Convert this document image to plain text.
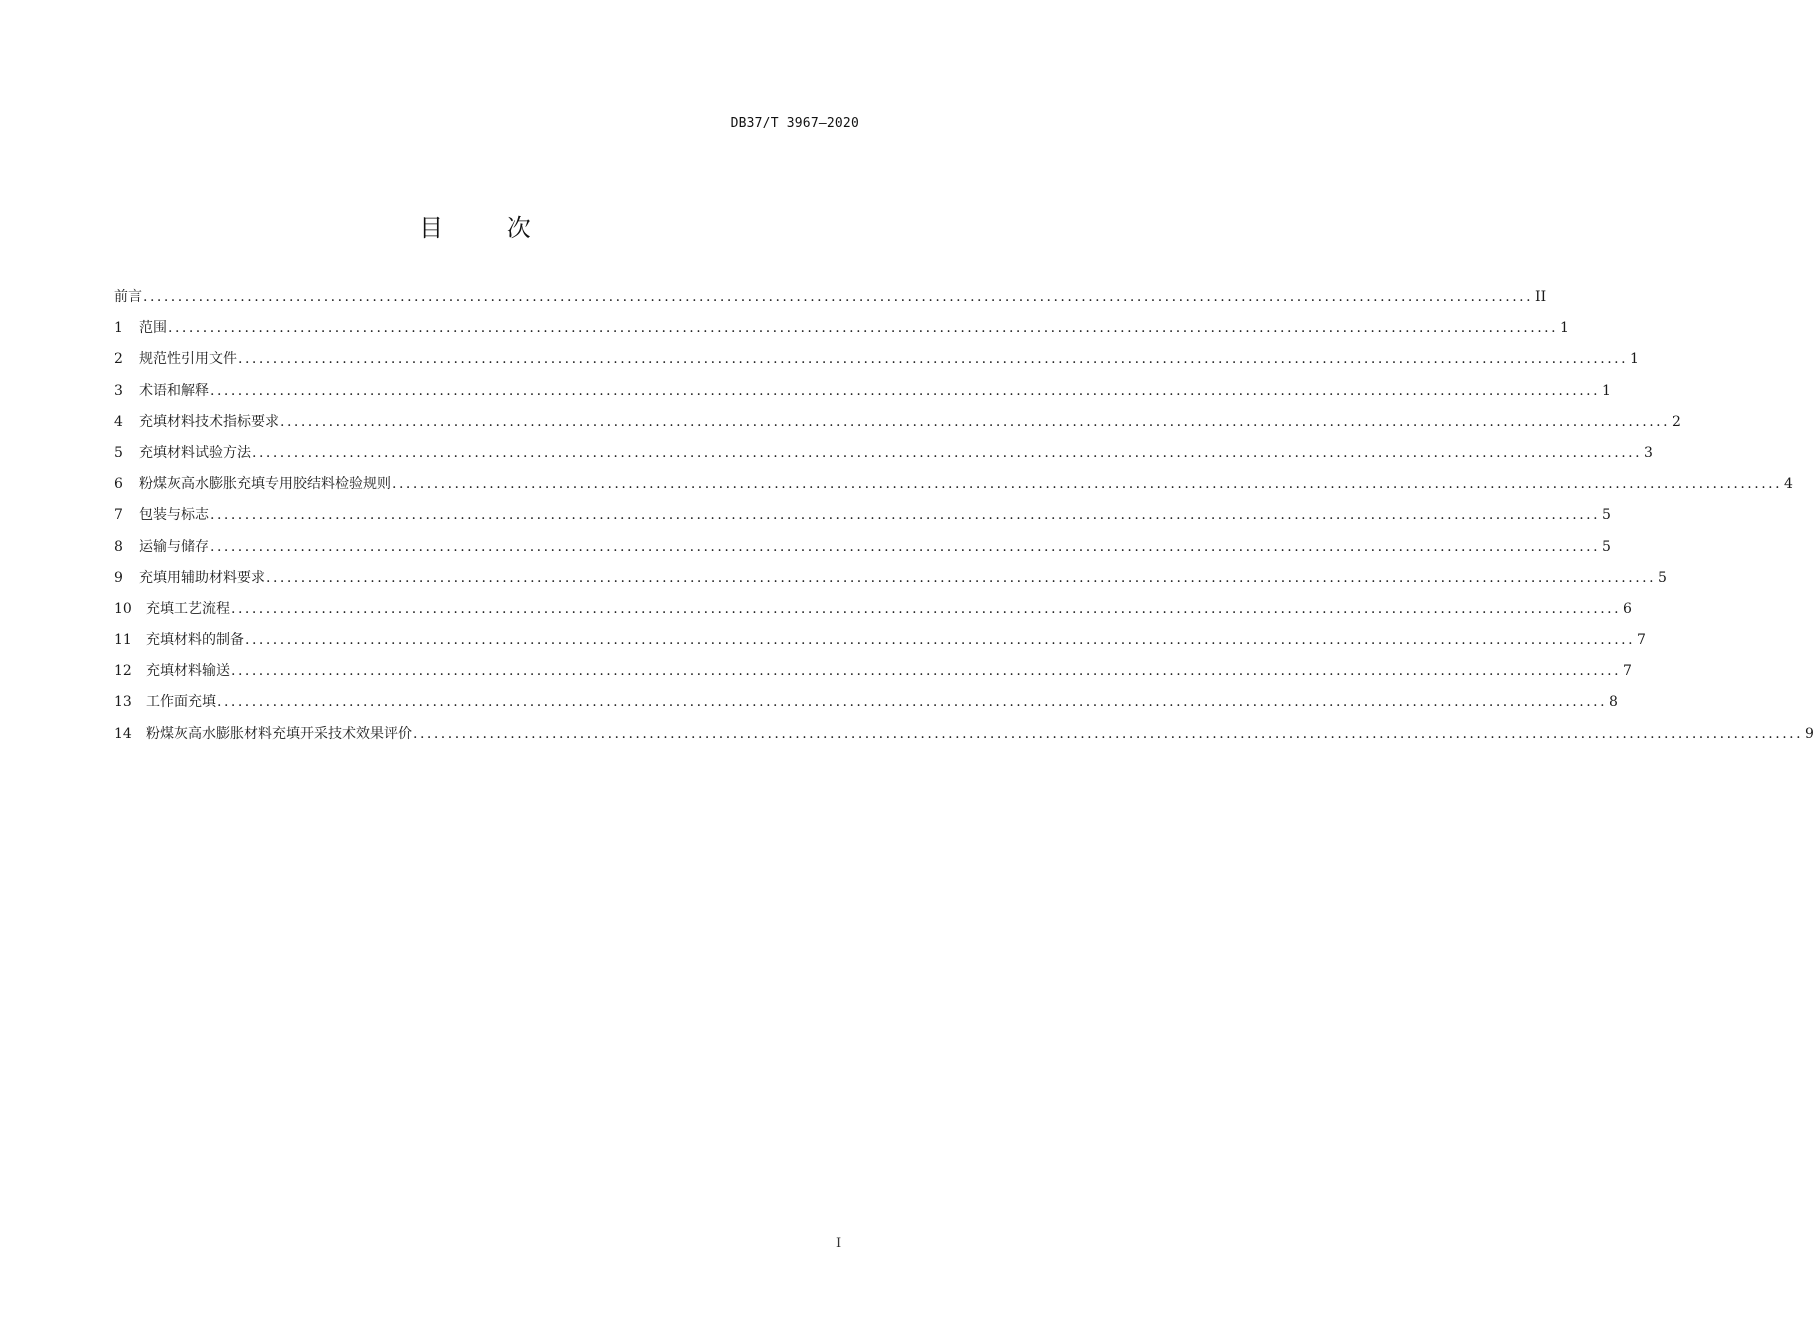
DB37/T 3967—2020
目 次
前言 ........................................................................................................................................................................................................ II
1	范围 ........................................................................................................................................................................................................ 1
2	规范性引用文件 ........................................................................................................................................................................................................ 1
3	术语和解释 ........................................................................................................................................................................................................ 1
4	充填材料技术指标要求 ........................................................................................................................................................................................................ 2
5	充填材料试验方法 ........................................................................................................................................................................................................ 3
6	粉煤灰高水膨胀充填专用胶结料检验规则 ........................................................................................................................................................................................................ 4
7	包装与标志 ........................................................................................................................................................................................................ 5
8	运输与储存 ........................................................................................................................................................................................................ 5
9	充填用辅助材料要求 ........................................................................................................................................................................................................ 5
10	充填工艺流程 ........................................................................................................................................................................................................ 6
11	充填材料的制备 ........................................................................................................................................................................................................ 7
12	充填材料输送 ........................................................................................................................................................................................................ 7
13	工作面充填 ........................................................................................................................................................................................................ 8
14	粉煤灰高水膨胀材料充填开采技术效果评价 ........................................................................................................................................................................................................ 9
I
